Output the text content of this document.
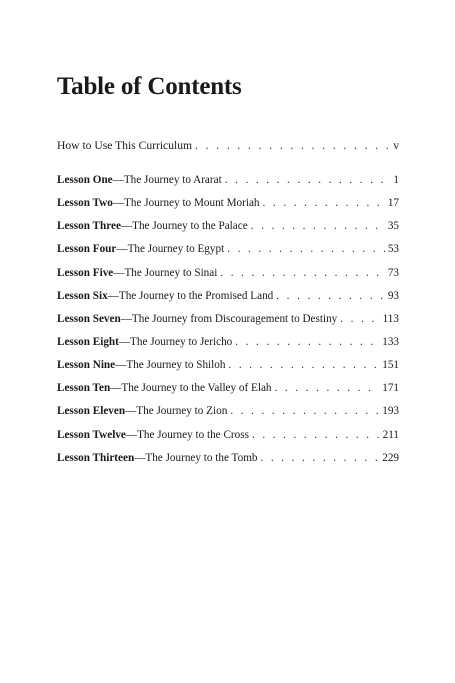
Table of Contents
How to Use This Curriculum . . .	v
Lesson One—The Journey to Ararat . . .	1
Lesson Two—The Journey to Mount Moriah . . .	17
Lesson Three—The Journey to the Palace . . .	35
Lesson Four—The Journey to Egypt . . .	53
Lesson Five—The Journey to Sinai . . .	73
Lesson Six—The Journey to the Promised Land . . .	93
Lesson Seven—The Journey from Discouragement to Destiny . . .	113
Lesson Eight—The Journey to Jericho . . .	133
Lesson Nine—The Journey to Shiloh . . .	151
Lesson Ten—The Journey to the Valley of Elah . . .	171
Lesson Eleven—The Journey to Zion . . .	193
Lesson Twelve—The Journey to the Cross . . .	211
Lesson Thirteen—The Journey to the Tomb . . .	229
